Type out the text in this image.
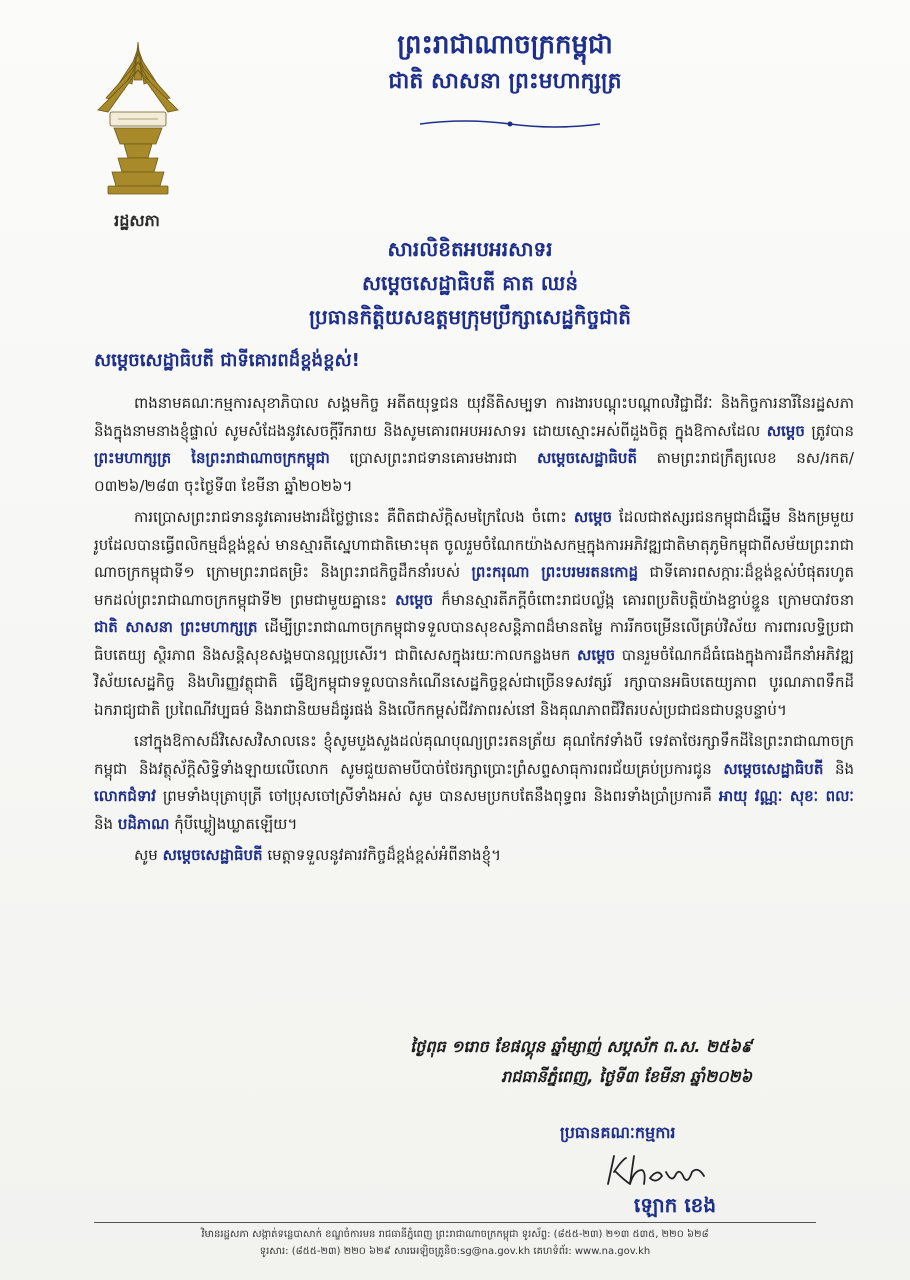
រដ្ឋសភា
ព្រះរាជាណាចក្រកម្ពុជា
ជាតិ សាសនា ព្រះមហាក្សត្រ
សារលិខិតអបអរសាទរ
សម្ដេចសេដ្ឋាធិបតី គាត ឈន់
ប្រធានកិត្តិយសឧត្តមក្រុមប្រឹក្សាសេដ្ឋកិច្ចជាតិ
សម្ដេចសេដ្ឋាធិបតី ជាទីគោរពដ៏ខ្ពង់ខ្ពស់!

ពាងនាមគណៈកម្មការសុខាភិបាល សង្គមកិច្ច អតីតយុទ្ធជន យុវនីតិសម្បទា ការងារបណ្ដុះបណ្ដាលវិជ្ជាជីវៈ និងកិច្ចការនារីនៃរដ្ឋសភា និងក្នុងនាមនាងខ្ញុំផ្ទាល់ សូមសំដែងនូវសេចក្ដីរីករាយ និងសូមគោរពអបអរសាទរ ដោយស្មោះអស់ពីដួងចិត្ត ក្នុងឱកាសដែល សម្ដេច ត្រូវបាន ព្រះមហាក្សត្រ នៃព្រះរាជាណាចក្រកម្ពុជា ប្រោសព្រះរាជទានគោរមងារជា សម្ដេចសេដ្ឋាធិបតី តាមព្រះរាជក្រឹត្យលេខ នស/រកត/០៣២៦/២៨៣ ចុះថ្ងៃទី៣ ខែមីនា ឆ្នាំ២០២៦។

ការប្រោសព្រះរាជទាននូវគោរមងារដ៏ថ្លៃថ្លានេះ គឺពិតជាស័ក្តិសមក្រៃលែង ចំពោះ សម្ដេច ដែលជាឥស្សរជនកម្ពុជាដ៏ឆ្នើម និងកម្រមួយរូបដែលបានធ្វើពលិកម្មដ៏ខ្ពង់ខ្ពស់ មានស្មារតីស្នេហាជាតិមោះមុត ចូលរួមចំណែកយ៉ាងសកម្មក្នុងការអភិវឌ្ឍជាតិមាតុភូមិកម្ពុជាពីសម័យព្រះរាជាណាចក្រកម្ពុជាទី១ ក្រោមព្រះរាជតម្រិះ និងព្រះរាជកិច្ចដឹកនាំរបស់ ព្រះករុណា ព្រះបរមរតនកោដ្ឋ ជាទីគោរពសក្ការៈដ៏ខ្ពង់ខ្ពស់បំផុតរហូតមកដល់ព្រះរាជាណាចក្រកម្ពុជាទី២ ព្រមជាមួយគ្នានេះ សម្ដេច ក៏មានស្មារតីភក្តីចំពោះរាជបល្ល័ង្ក គោរពប្រតិបត្តិយ៉ាងខ្ជាប់ខ្ជួន ក្រោមបាវចនា ជាតិ សាសនា ព្រះមហាក្សត្រ ដើម្បីព្រះរាជាណាចក្រកម្ពុជាទទួលបានសុខសន្តិភាពដ៏មានតម្លៃ ការរីកចម្រើនលើគ្រប់វិស័យ ការពារលទ្ធិប្រជាធិបតេយ្យ ស្ថិរភាព និងសន្តិសុខសង្គមបានល្អប្រសើរ។ ជាពិសេសក្នុងរយៈកាលកន្លងមក សម្ដេច បានរួមចំណែកដ៏ធំធេងក្នុងការដឹកនាំអភិវឌ្ឍវិស័យសេដ្ឋកិច្ច និងហិរញ្ញវត្ថុជាតិ ធ្វើឱ្យកម្ពុជាទទួលបានកំណើនសេដ្ឋកិច្ចខ្ពស់ជាច្រើនទសវត្សរ៍ រក្សាបានអធិបតេយ្យភាព បូរណភាពទឹកដី ឯករាជ្យជាតិ ប្រពៃណីវប្បធម៌ និងរាជានិយមដ៏ផូរផង់ និងលើកកម្ពស់ជីវភាពរស់នៅ និងគុណភាពជីវិតរបស់ប្រជាជនជាបន្តបន្ទាប់។

នៅក្នុងឱកាសដ៏វិសេសវិសាលនេះ ខ្ញុំសូមបួងសួងដល់គុណបុណ្យព្រះរតនត្រ័យ គុណកែវទាំងបី ទេវតាថែរក្សាទឹកដីនៃព្រះរាជាណាចក្រកម្ពុជា និងវត្ថុស័ក្តិសិទ្ធិទាំងឡាយលើលោក សូមជួយតាមបីបាច់ថែរក្សាប្រោះព្រំសព្ទសាធុការពរជ័យគ្រប់ប្រការជូន សម្ដេចសេដ្ឋាធិបតី និងលោកជំទាវ ព្រមទាំងបុត្រាបុត្រី ចៅប្រុសចៅស្រីទាំងអស់ សូម បានសមប្រកបតែនឹងពុទ្ធពរ និងពរទាំងប្រាំប្រការគឺ អាយុ វណ្ណៈ សុខៈ ពលៈ និង បដិភាណ កុំបីឃ្លៀងឃ្លាតឡើយ។

សូម សម្ដេចសេដ្ឋាធិបតី មេត្តាទទួលនូវគារវកិច្ចដ៏ខ្ពង់ខ្ពស់អំពីនាងខ្ញុំ។

ថ្ងៃពុធ ១រោច ខែផល្គុន ឆ្នាំម្សាញ់ សប្តស័ក ព.ស. ២៥៦៩
រាជធានីភ្នំពេញ, ថ្ងៃទី៣ ខែមីនា ឆ្នាំ២០២៦
ប្រធានគណៈកម្មការ
ឡោក ខេង
វិមានរដ្ឋសភា សង្កាត់ទន្លេបាសាក់ ខណ្ឌចំការមន រាជធានីភ្នំពេញ ព្រះរាជាណាចក្រកម្ពុជា ទូរស័ព្ទ: (៨៥៥-២៣) ២១៣ ៥៣៥, ២២០ ៦២៨
ទូរសារ: (៨៥៥-២៣) ២២០ ៦២៩ សារអេឡិចត្រូនិច:sg@na.gov.kh គេហទំព័រ: www.na.gov.kh
